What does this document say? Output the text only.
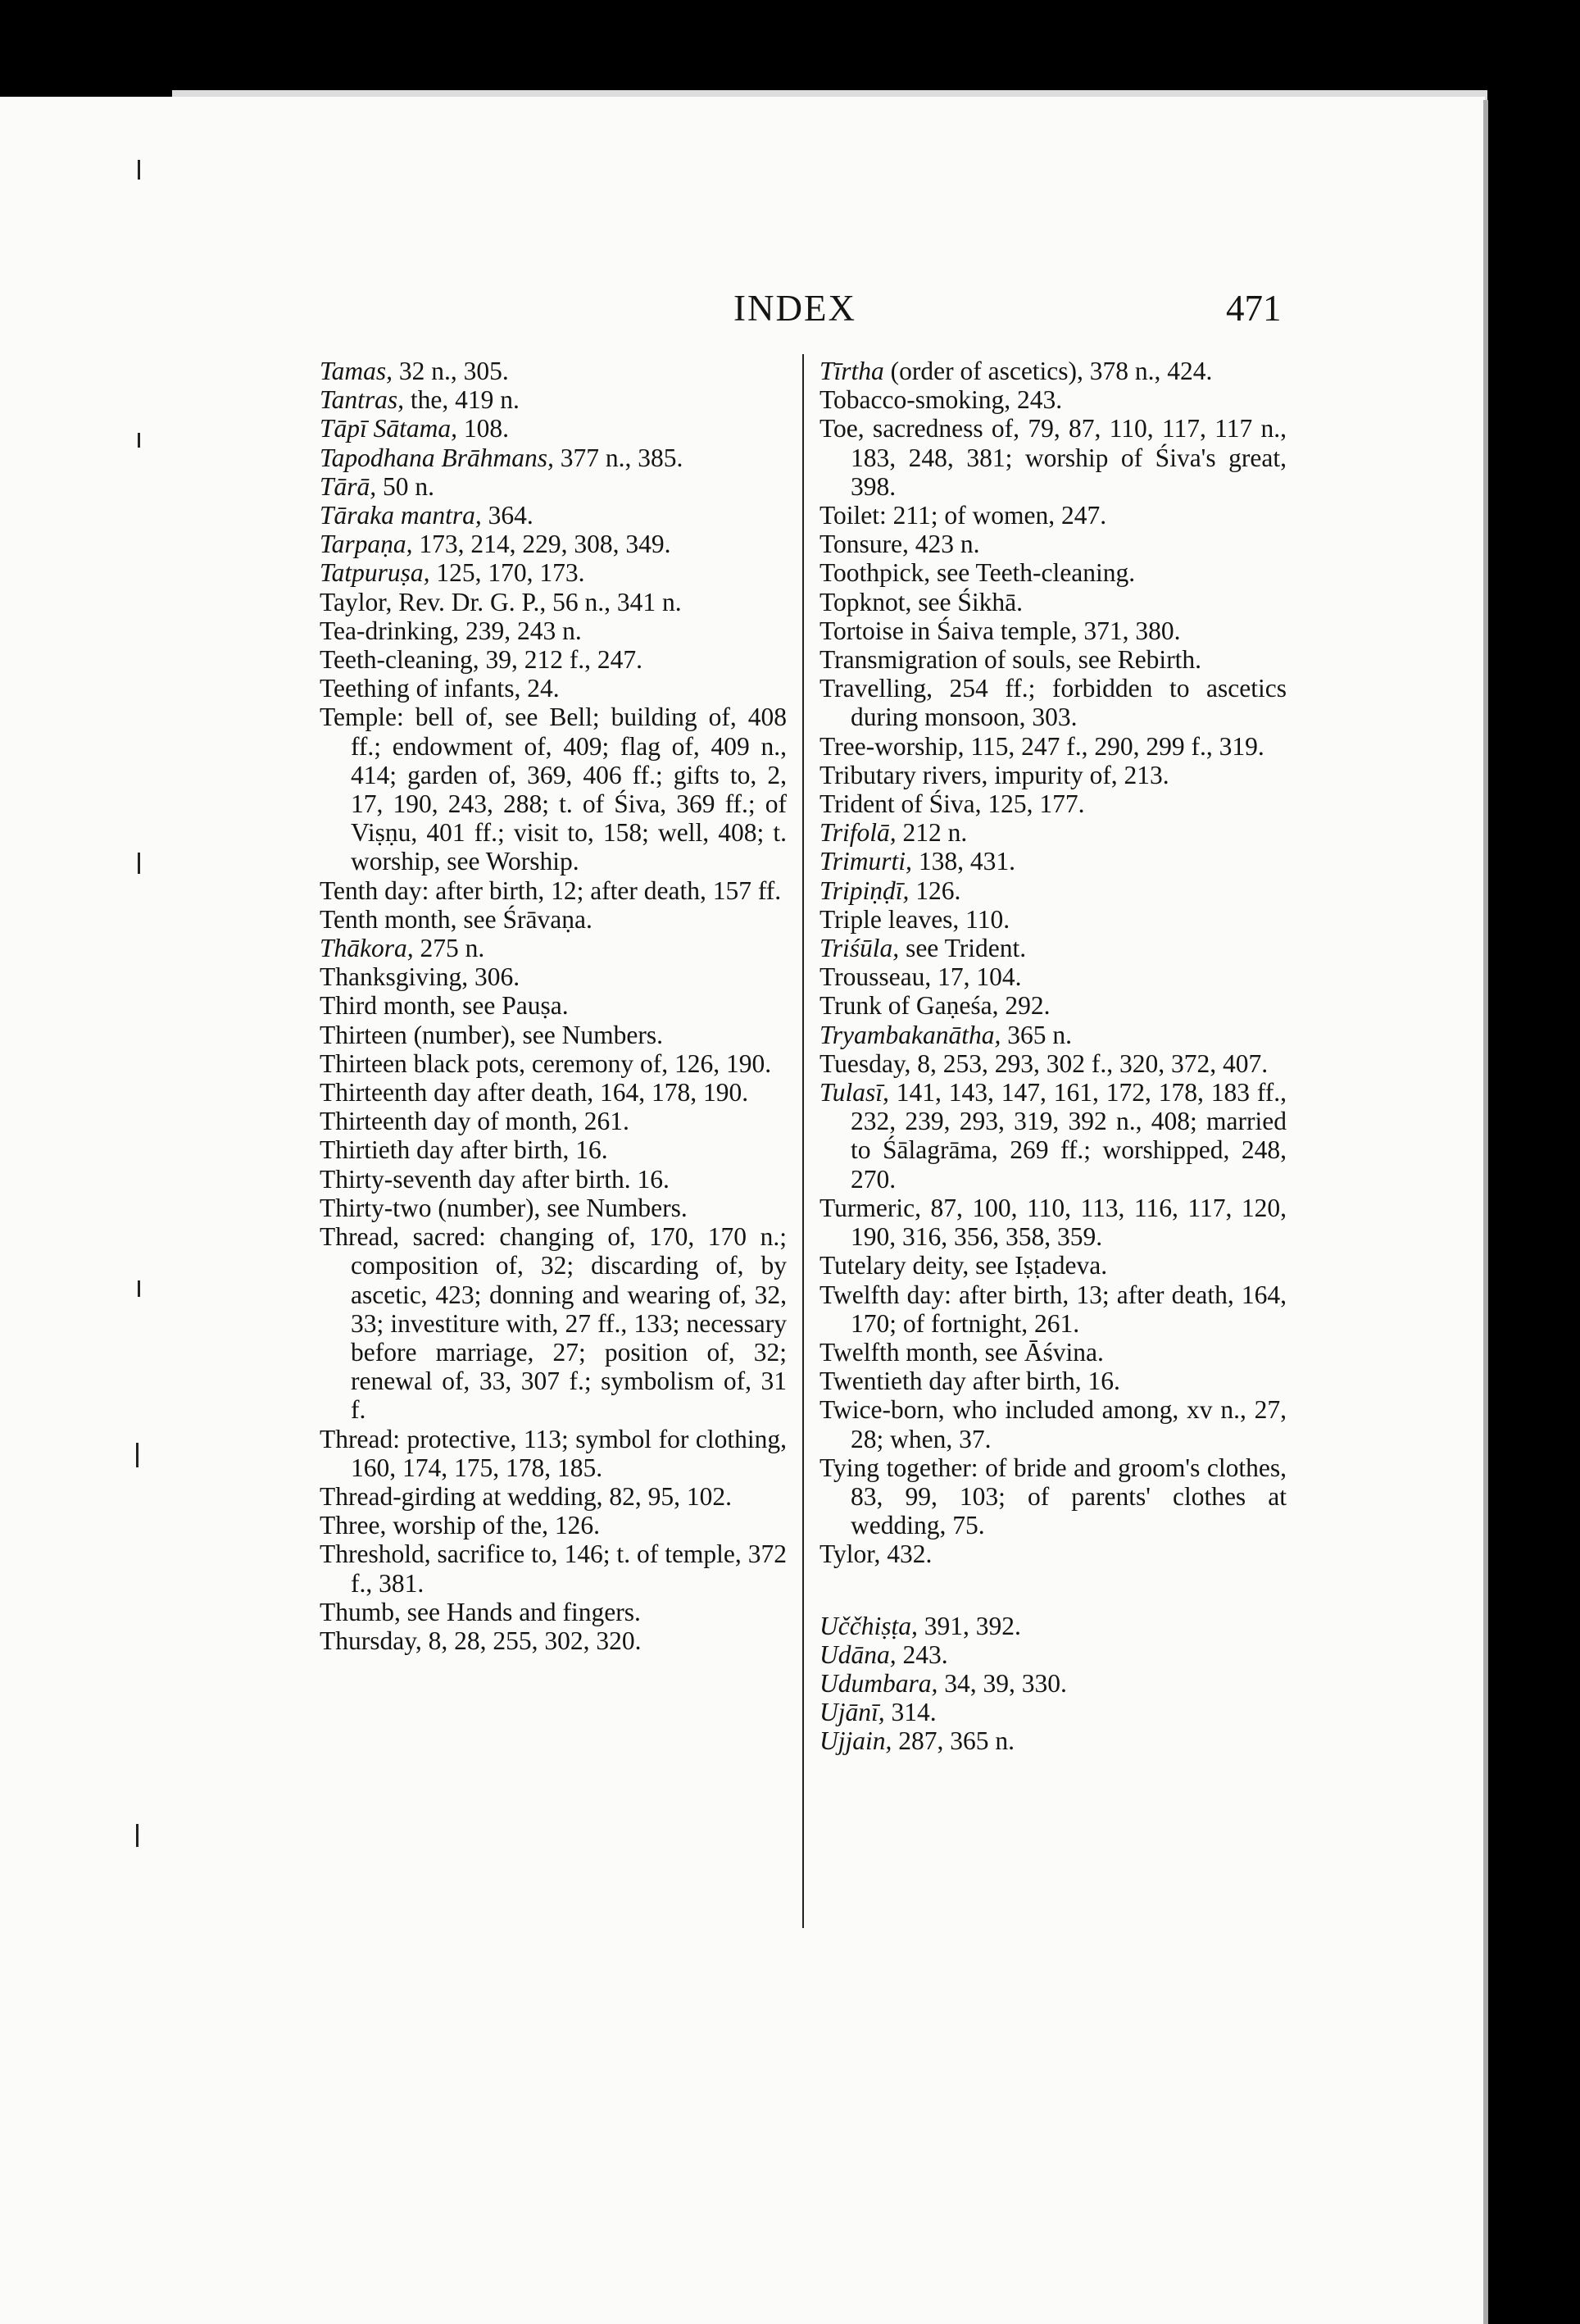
INDEX	471
Tamas, 32 n., 305.
Tantras, the, 419 n.
Tāpī Sātama, 108.
Tapodhana Brāhmans, 377 n., 385.
Tārā, 50 n.
Tāraka mantra, 364.
Tarpaṇa, 173, 214, 229, 308, 349.
Tatpuruṣa, 125, 170, 173.
Taylor, Rev. Dr. G. P., 56 n., 341 n.
Tea-drinking, 239, 243 n.
Teeth-cleaning, 39, 212 f., 247.
Teething of infants, 24.
Temple: bell of, see Bell; building of, 408 ff.; endowment of, 409; flag of, 409 n., 414; garden of, 369, 406 ff.; gifts to, 2, 17, 190, 243, 288; t. of Śiva, 369 ff.; of Viṣṇu, 401 ff.; visit to, 158; well, 408; t. worship, see Worship.
Tenth day: after birth, 12; after death, 157 ff.
Tenth month, see Śrāvaṇa.
Thākora, 275 n.
Thanksgiving, 306.
Third month, see Pauṣa.
Thirteen (number), see Numbers.
Thirteen black pots, ceremony of, 126, 190.
Thirteenth day after death, 164, 178, 190.
Thirteenth day of month, 261.
Thirtieth day after birth, 16.
Thirty-seventh day after birth. 16.
Thirty-two (number), see Numbers.
Thread, sacred: changing of, 170, 170 n.; composition of, 32; discarding of, by ascetic, 423; donning and wearing of, 32, 33; investiture with, 27 ff., 133; necessary before marriage, 27; position of, 32; renewal of, 33, 307 f.; symbolism of, 31 f.
Thread: protective, 113; symbol for clothing, 160, 174, 175, 178, 185.
Thread-girding at wedding, 82, 95, 102.
Three, worship of the, 126.
Threshold, sacrifice to, 146; t. of temple, 372 f., 381.
Thumb, see Hands and fingers.
Thursday, 8, 28, 255, 302, 320.
Tīrtha (order of ascetics), 378 n., 424.
Tobacco-smoking, 243.
Toe, sacredness of, 79, 87, 110, 117, 117 n., 183, 248, 381; worship of Śiva's great, 398.
Toilet: 211; of women, 247.
Tonsure, 423 n.
Toothpick, see Teeth-cleaning.
Topknot, see Śikhā.
Tortoise in Śaiva temple, 371, 380.
Transmigration of souls, see Rebirth.
Travelling, 254 ff.; forbidden to ascetics during monsoon, 303.
Tree-worship, 115, 247 f., 290, 299 f., 319.
Tributary rivers, impurity of, 213.
Trident of Śiva, 125, 177.
Trifolā, 212 n.
Trimurti, 138, 431.
Tripiṇḍī, 126.
Triple leaves, 110.
Triśūla, see Trident.
Trousseau, 17, 104.
Trunk of Gaṇeśa, 292.
Tryambakanātha, 365 n.
Tuesday, 8, 253, 293, 302 f., 320, 372, 407.
Tulasī, 141, 143, 147, 161, 172, 178, 183 ff., 232, 239, 293, 319, 392 n., 408; married to Śālagrāma, 269 ff.; worshipped, 248, 270.
Turmeric, 87, 100, 110, 113, 116, 117, 120, 190, 316, 356, 358, 359.
Tutelary deity, see Iṣṭadeva.
Twelfth day: after birth, 13; after death, 164, 170; of fortnight, 261.
Twelfth month, see Āśvina.
Twentieth day after birth, 16.
Twice-born, who included among, xv n., 27, 28; when, 37.
Tying together: of bride and groom's clothes, 83, 99, 103; of parents' clothes at wedding, 75.
Tylor, 432.
Uččhiṣṭa, 391, 392.
Udāna, 243.
Udumbara, 34, 39, 330.
Ujānī, 314.
Ujjain, 287, 365 n.
